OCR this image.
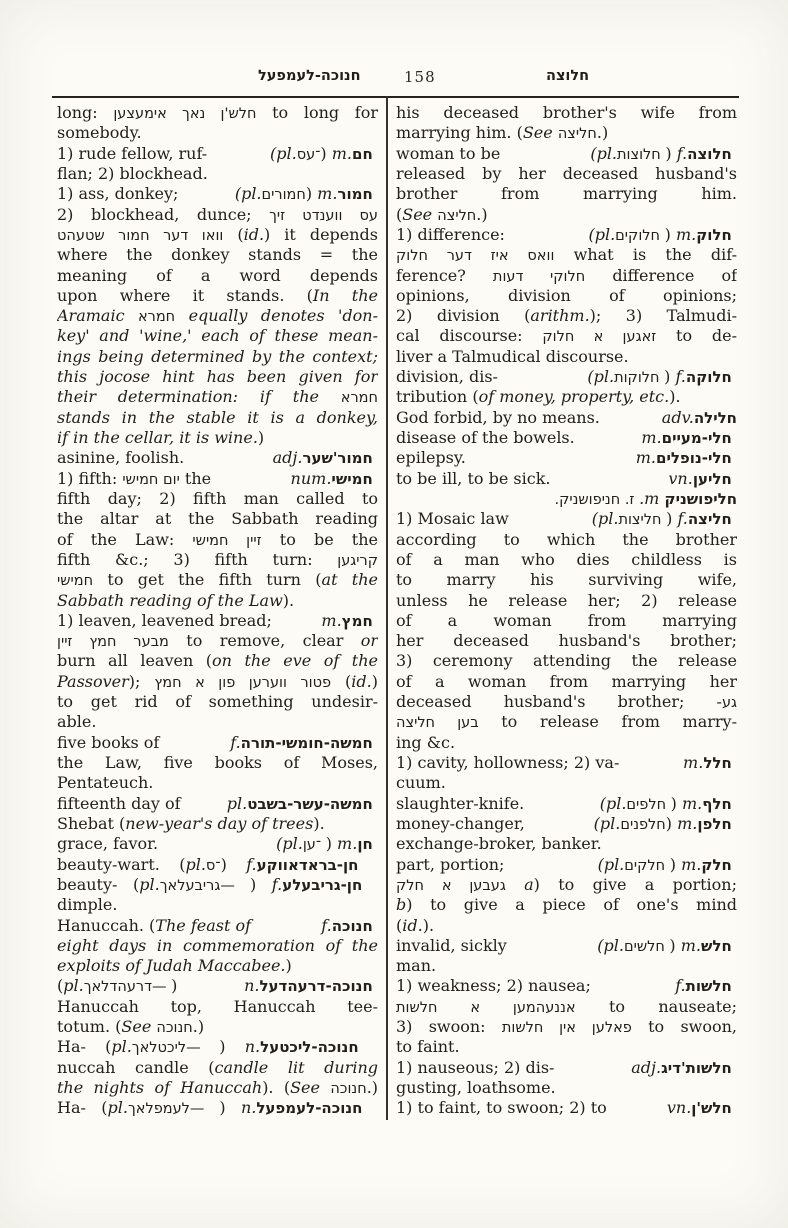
חנוכה-לעמפעל	158	חלוצה
long: חלש'ן נאך אימעצען to long for
somebody.
1) rude fellow, ruf-	(pl.־עס) m. חם
flan; 2) blockhead.
1) ass, donkey;	(pl.חמורים) m. חמור
2) blockhead, dunce; עס ווענדט זיך
וואו דער חמור שטעהט (id.) it depends
where the donkey stands = the
meaning of a word depends
upon where it stands. (In the
Aramaic חמרא equally denotes 'don-
key' and 'wine,' each of these mean-
ings being determined by the context;
this jocose hint has been given for
their determination: if the חמרא
stands in the stable it is a donkey,
if in the cellar, it is wine.)
asinine, foolish.	adj. חמור'שער
1) fifth: יום חמישי the	num. חמישי
fifth day; 2) fifth man called to
the altar at the Sabbath reading
of the Law: זיין חמישי to be the
fifth &c.; 3) fifth turn: קריגען
חמישי to get the fifth turn (at the
Sabbath reading of the Law).
1) leaven, leavened bread;	m. חמץ
מבער חמץ זיין to remove, clear or
burn all leaven (on the eve of the
Passover); פטור ווערען פון א חמץ (id.)
to get rid of something undesir-
able.
five books of	f. חמשה-חומשי-תורה
the Law, five books of Moses,
Pentateuch.
fifteenth day of	pl. חמשה-עשר-בשבט
Shebat (new-year's day of trees).
grace, favor.	(pl. ־ען) m. חן
beauty-wart. (pl.־ס) f. חן-בראדאווקע
beauty- (pl. —גריבעלאך) f. חן-גריבעלע
dimple.
Hanuccah. (The feast of	f. חנוכה
eight days in commemoration of the
exploits of Judah Maccabee.)
(pl. —דרעהדלאך)	n. חנוכה-דרעהדעל
Hanuccah top, Hanuccah tee-
totum. (See חנוכה.)
Ha- (pl. —ליכטלאך) n. חנוכה-ליכטעל
nuccah candle (candle lit during
the nights of Hanuccah). (See חנוכה.)
Ha- (pl. —לעמפלאך) n. חנוכה-לעמפעל
his deceased brother's wife from
marrying him. (See חליצה.)
woman to be	(pl. חלוצות) f. חלוצה
released by her deceased husband's
brother from marrying him.
(See חליצה.)
1) difference:	(pl. חלוקים) m. חלוק
וואס איז דער חלוק what is the dif-
ference? חלוקי דעות difference of
opinions, division of opinions;
2) division (arithm.); 3) Talmudi-
cal discourse: זאגען א חלוק to de-
liver a Talmudical discourse.
division, dis-	(pl. חלוקות) f. חלוקה
tribution (of money, property, etc.).
God forbid, by no means.	adv.חלילה
disease of the bowels.	m. חלי-מעיים
epilepsy.	m. חלי-נופלים
to be ill, to be sick.	vn. חליען
חליפושניק m. ז. חניפושניק.
1) Mosaic law	(pl. חליצות) f. חליצה
according to which the brother
of a man who dies childless is
to marry his surviving wife,
unless he release her; 2) release
of a woman from marrying
her deceased husband's brother;
3) ceremony attending the release
of a woman from marrying her
deceased husband's brother; -גע
בען חליצה to release from marry-
ing &c.
1) cavity, hollowness; 2) va-	m. חלל
cuum.
slaughter-knife.	(pl. חלפים) m. חלף
money-changer,	(pl.חלפנים) m. חלפן
exchange-broker, banker.
part, portion;	(pl. חלקים) m. חלק
געבען א חלק a) to give a portion;
b) to give a piece of one's mind
(id.).
invalid, sickly	(pl. חלשים) m. חלש
man.
1) weakness; 2) nausea;	f. חלשות
אננעהמען א חלשות to nauseate;
3) swoon: פאלען אין חלשות to swoon,
to faint.
1) nauseous; 2) dis-	adj. חלשות'דיג
gusting, loathsome.
1) to faint, to swoon; 2) to	vn. חלש'ן
